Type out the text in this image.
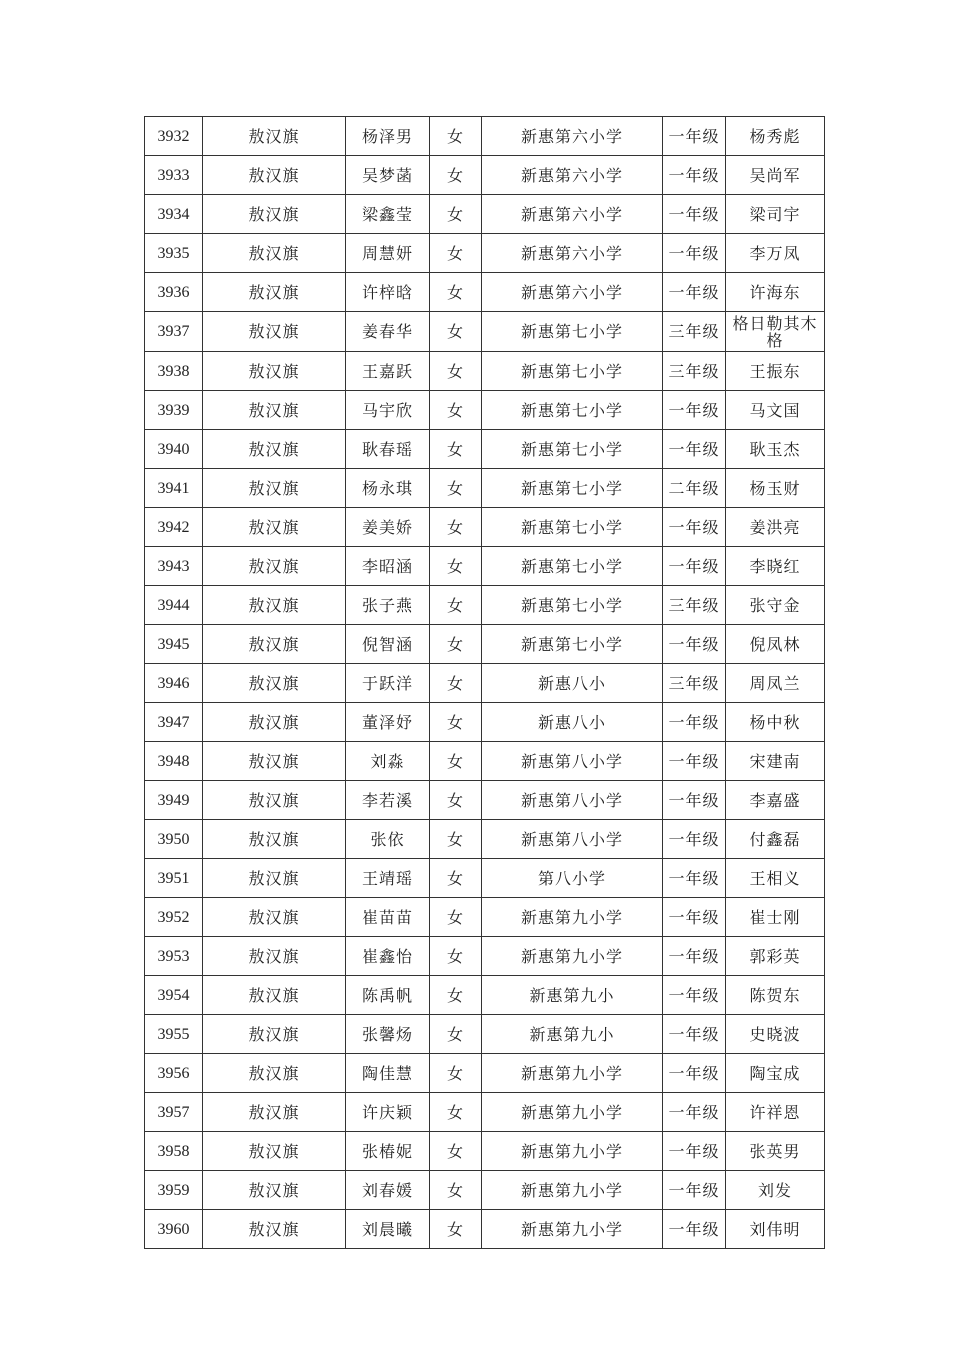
3932	敖汉旗	杨泽男	女	新惠第六小学	一年级	杨秀彪
3933	敖汉旗	吴梦菡	女	新惠第六小学	一年级	吴尚军
3934	敖汉旗	梁鑫莹	女	新惠第六小学	一年级	梁司宇
3935	敖汉旗	周慧妍	女	新惠第六小学	一年级	李万凤
3936	敖汉旗	许梓晗	女	新惠第六小学	一年级	许海东
3937	敖汉旗	姜春华	女	新惠第七小学	三年级	格日勒其木格
3938	敖汉旗	王嘉跃	女	新惠第七小学	三年级	王振东
3939	敖汉旗	马宇欣	女	新惠第七小学	一年级	马文国
3940	敖汉旗	耿春瑶	女	新惠第七小学	一年级	耿玉杰
3941	敖汉旗	杨永琪	女	新惠第七小学	二年级	杨玉财
3942	敖汉旗	姜美娇	女	新惠第七小学	一年级	姜洪亮
3943	敖汉旗	李昭涵	女	新惠第七小学	一年级	李晓红
3944	敖汉旗	张子燕	女	新惠第七小学	三年级	张守金
3945	敖汉旗	倪智涵	女	新惠第七小学	一年级	倪凤林
3946	敖汉旗	于跃洋	女	新惠八小	三年级	周凤兰
3947	敖汉旗	董泽妤	女	新惠八小	一年级	杨中秋
3948	敖汉旗	刘淼	女	新惠第八小学	一年级	宋建南
3949	敖汉旗	李若溪	女	新惠第八小学	一年级	李嘉盛
3950	敖汉旗	张依	女	新惠第八小学	一年级	付鑫磊
3951	敖汉旗	王靖瑶	女	第八小学	一年级	王相义
3952	敖汉旗	崔苗苗	女	新惠第九小学	一年级	崔士刚
3953	敖汉旗	崔鑫怡	女	新惠第九小学	一年级	郭彩英
3954	敖汉旗	陈禹帆	女	新惠第九小	一年级	陈贺东
3955	敖汉旗	张馨炀	女	新惠第九小	一年级	史晓波
3956	敖汉旗	陶佳慧	女	新惠第九小学	一年级	陶宝成
3957	敖汉旗	许庆颖	女	新惠第九小学	一年级	许祥恩
3958	敖汉旗	张椿妮	女	新惠第九小学	一年级	张英男
3959	敖汉旗	刘春媛	女	新惠第九小学	一年级	刘发
3960	敖汉旗	刘晨曦	女	新惠第九小学	一年级	刘伟明
